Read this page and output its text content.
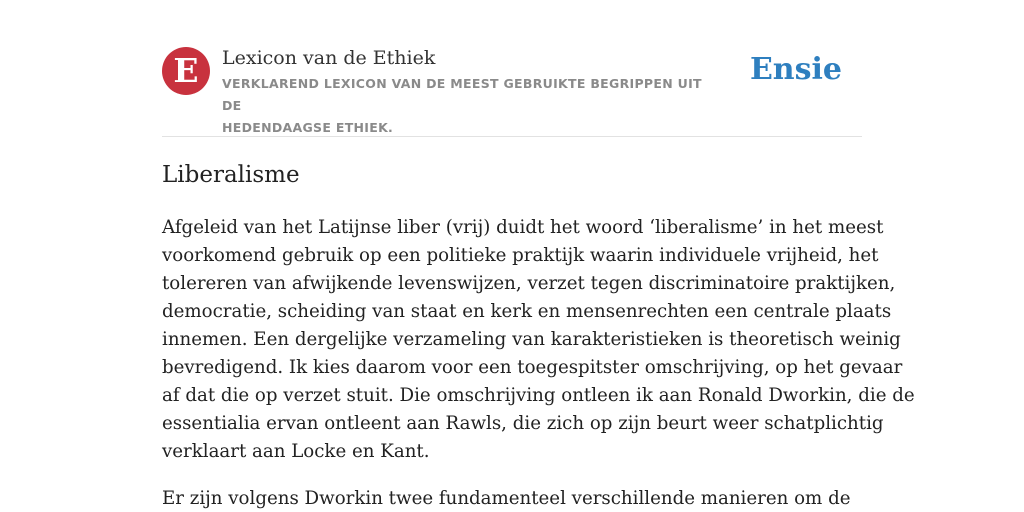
E	Lexicon van de Ethiek
VERKLAREND LEXICON VAN DE MEEST GEBRUIKTE BEGRIPPEN UIT DE
HEDENDAAGSE ETHIEK.
Ensie
Liberalisme

Afgeleid van het Latijnse liber (vrij) duidt het woord ‘liberalisme’ in het meest
voorkomend gebruik op een politieke praktijk waarin individuele vrijheid, het
tolereren van afwijkende levenswijzen, verzet tegen discriminatoire praktijken,
democratie, scheiding van staat en kerk en mensenrechten een centrale plaats
innemen. Een dergelijke verzameling van karakteristieken is theoretisch weinig
bevredigend. Ik kies daarom voor een toegespitster omschrijving, op het gevaar
af dat die op verzet stuit. Die omschrijving ontleen ik aan Ronald Dworkin, die de
essentialia ervan ontleent aan Rawls, die zich op zijn beurt weer schatplichtig
verklaart aan Locke en Kant.

Er zijn volgens Dworkin twee fundamenteel verschillende manieren om de
